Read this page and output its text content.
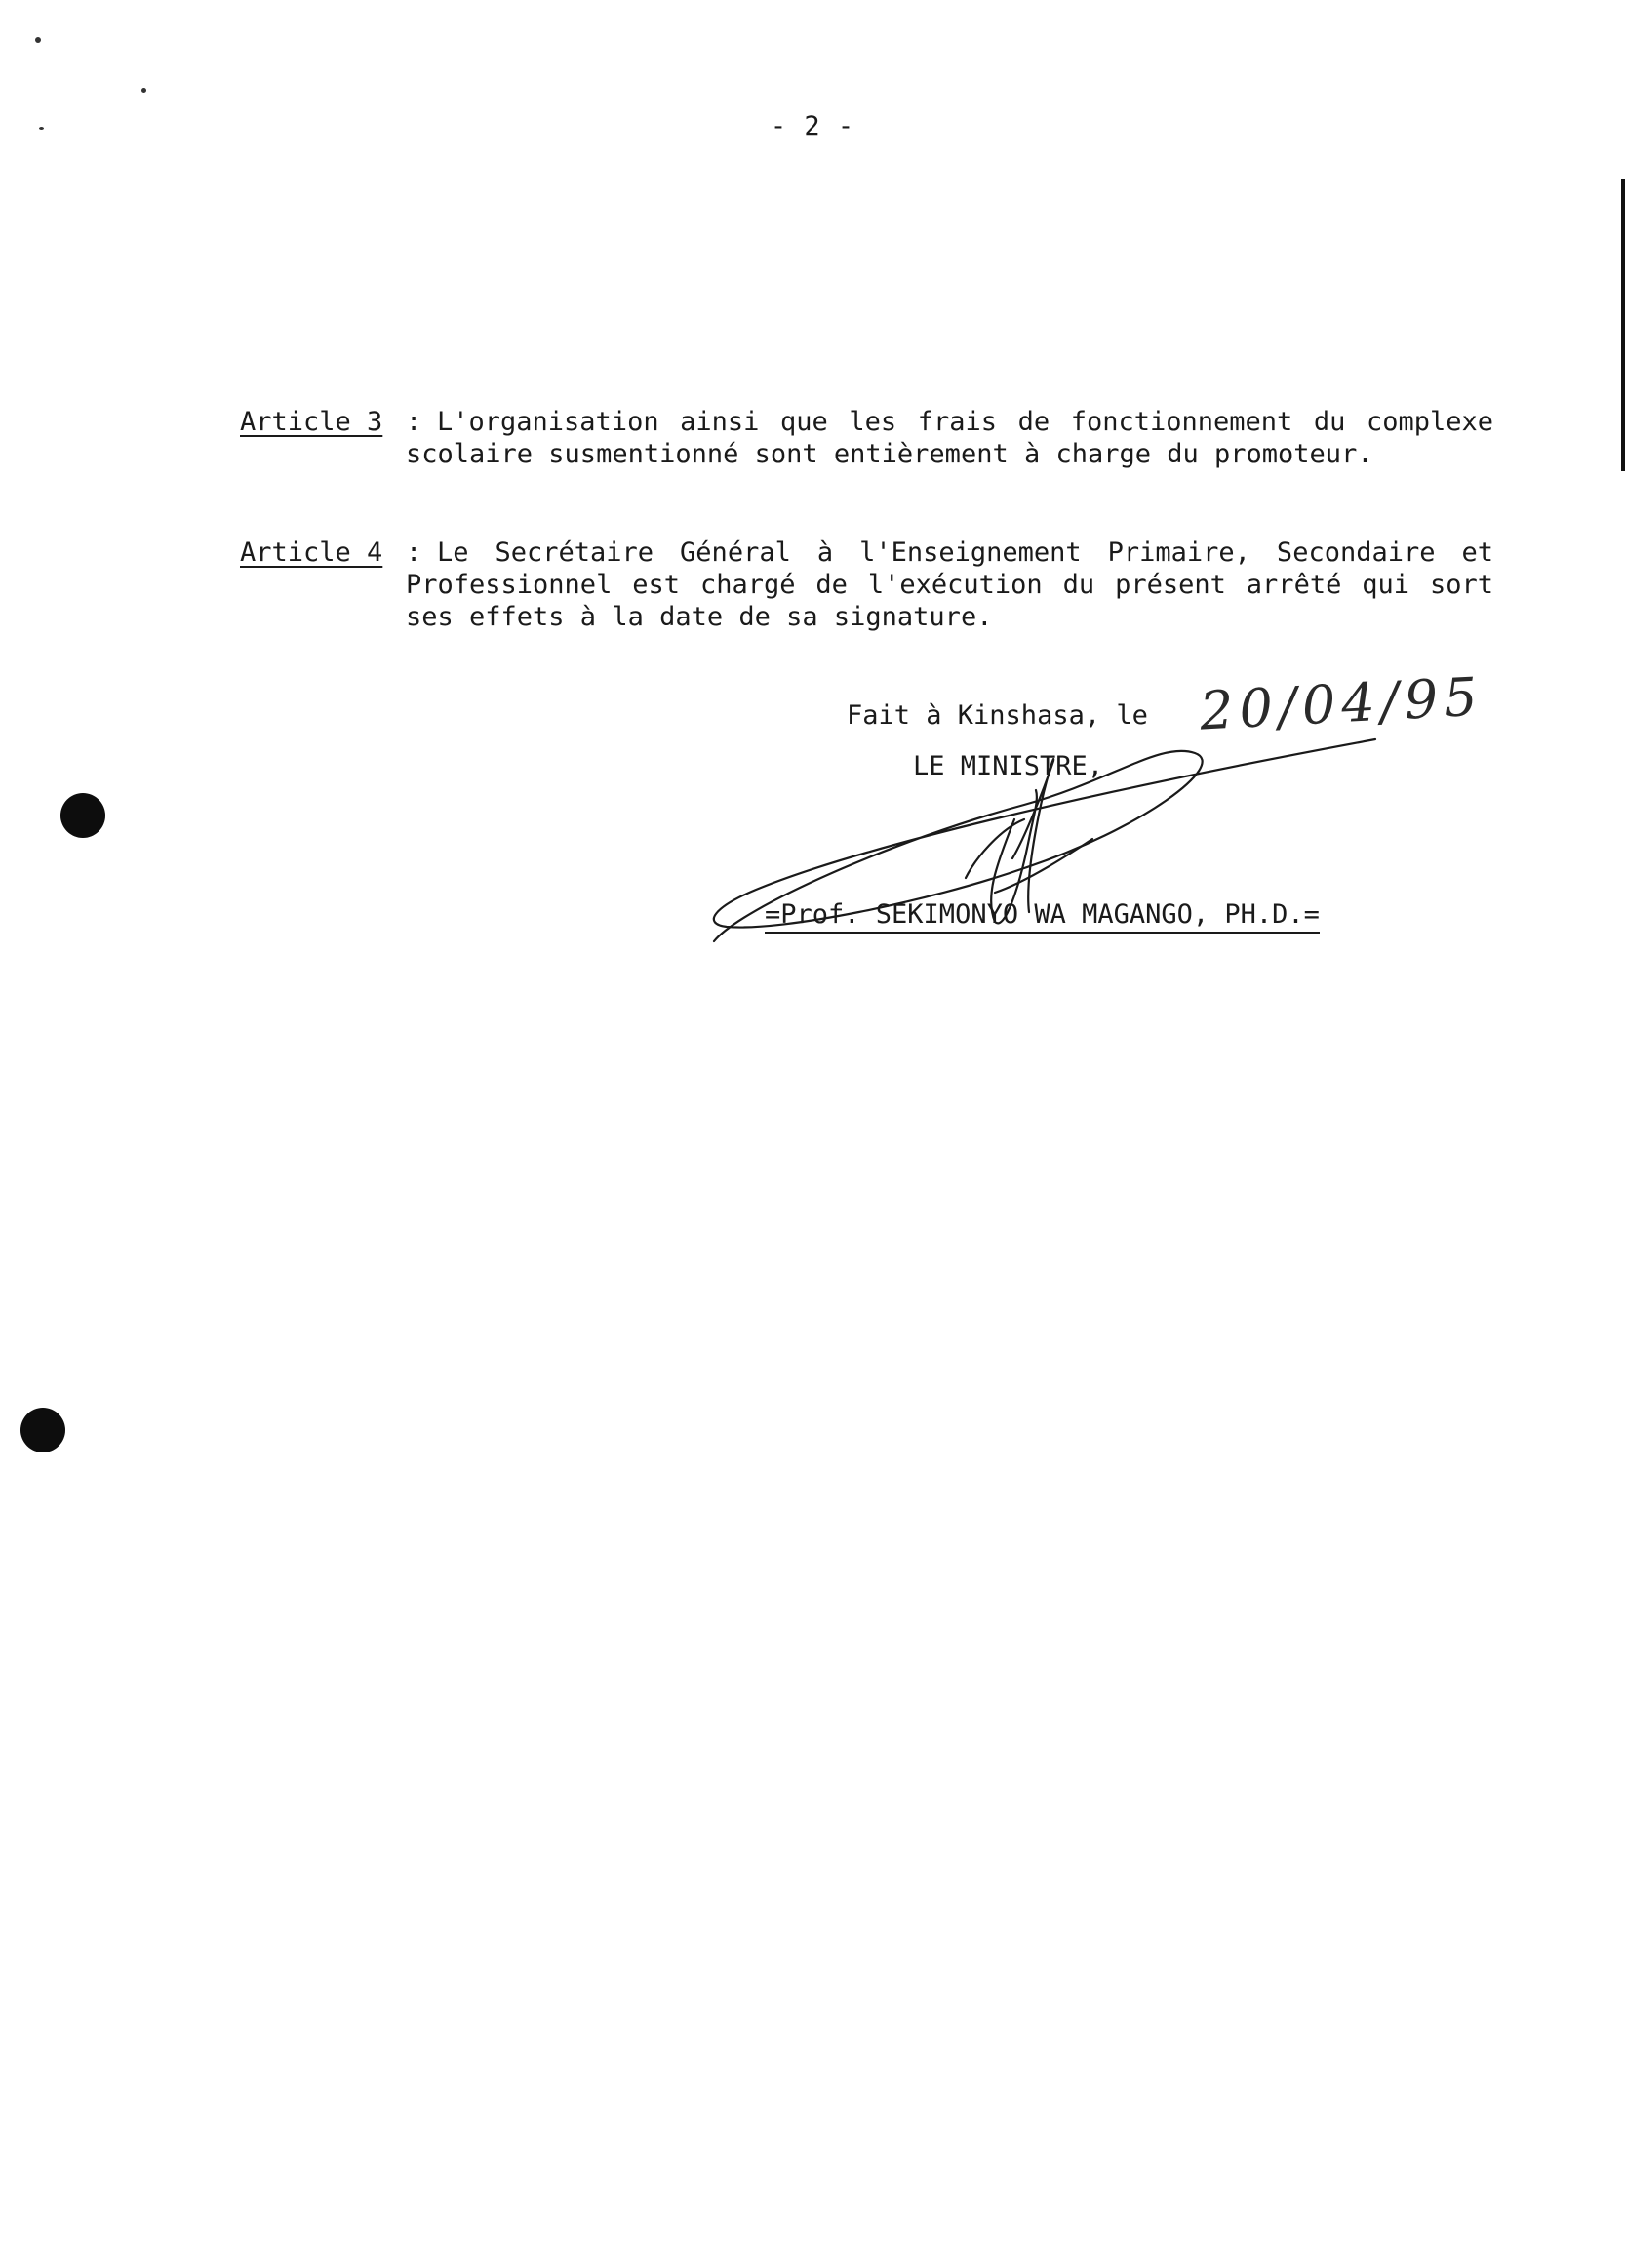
- 2 -
Article 3 : L'organisation ainsi que les frais de fonctionnement du complexe
scolaire susmentionné sont entièrement à charge du promoteur.
Article 4 : Le Secrétaire Général à l'Enseignement Primaire, Secondaire et
Professionnel est chargé de l'exécution du présent arrêté qui sort
ses effets à la date de sa signature.
Fait à Kinshasa, le 20/04/95
LE MINISTRE,
=Prof. SEKIMONYO WA MAGANGO, PH.D.=
